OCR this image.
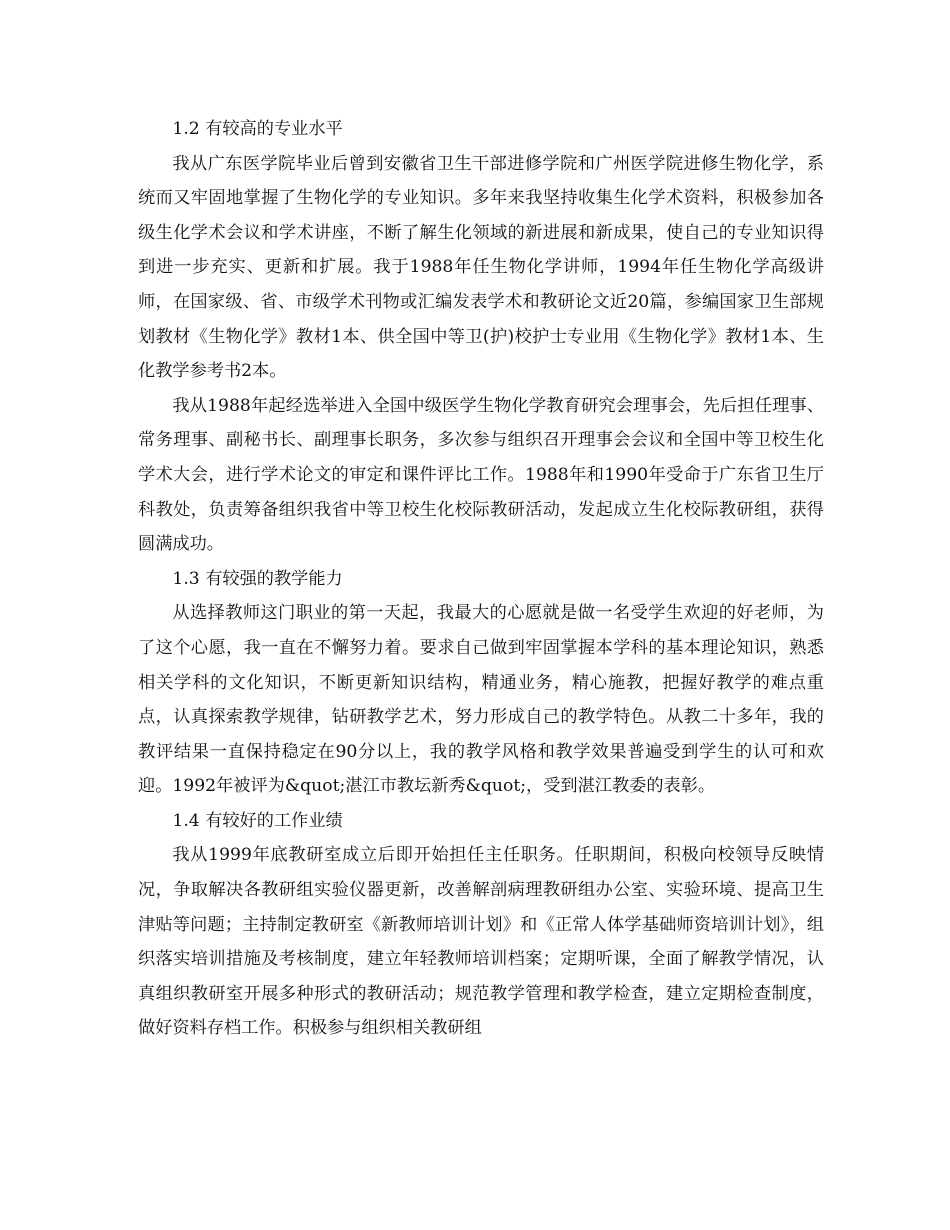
1.2 有较高的专业水平

我从广东医学院毕业后曾到安徽省卫生干部进修学院和广州医学院进修生物化学，系统而又牢固地掌握了生物化学的专业知识。多年来我坚持收集生化学术资料，积极参加各级生化学术会议和学术讲座，不断了解生化领域的新进展和新成果，使自己的专业知识得到进一步充实、更新和扩展。我于1988年任生物化学讲师，1994年任生物化学高级讲师，在国家级、省、市级学术刊物或汇编发表学术和教研论文近20篇，参编国家卫生部规划教材《生物化学》教材1本、供全国中等卫(护)校护士专业用《生物化学》教材1本、生化教学参考书2本。

我从1988年起经选举进入全国中级医学生物化学教育研究会理事会，先后担任理事、常务理事、副秘书长、副理事长职务，多次参与组织召开理事会会议和全国中等卫校生化学术大会，进行学术论文的审定和课件评比工作。1988年和1990年受命于广东省卫生厅科教处，负责筹备组织我省中等卫校生化校际教研活动，发起成立生化校际教研组，获得圆满成功。

1.3 有较强的教学能力

从选择教师这门职业的第一天起，我最大的心愿就是做一名受学生欢迎的好老师，为了这个心愿，我一直在不懈努力着。要求自己做到牢固掌握本学科的基本理论知识，熟悉相关学科的文化知识，不断更新知识结构，精通业务，精心施教，把握好教学的难点重点，认真探索教学规律，钻研教学艺术，努力形成自己的教学特色。从教二十多年，我的教评结果一直保持稳定在90分以上，我的教学风格和教学效果普遍受到学生的认可和欢迎。1992年被评为&quot;湛江市教坛新秀&quot;，受到湛江教委的表彰。

1.4 有较好的工作业绩

我从1999年底教研室成立后即开始担任主任职务。任职期间，积极向校领导反映情况，争取解决各教研组实验仪器更新，改善解剖病理教研组办公室、实验环境、提高卫生津贴等问题；主持制定教研室《新教师培训计划》和《正常人体学基础师资培训计划》，组织落实培训措施及考核制度，建立年轻教师培训档案；定期听课，全面了解教学情况，认真组织教研室开展多种形式的教研活动；规范教学管理和教学检查，建立定期检查制度，做好资料存档工作。积极参与组织相关教研组
